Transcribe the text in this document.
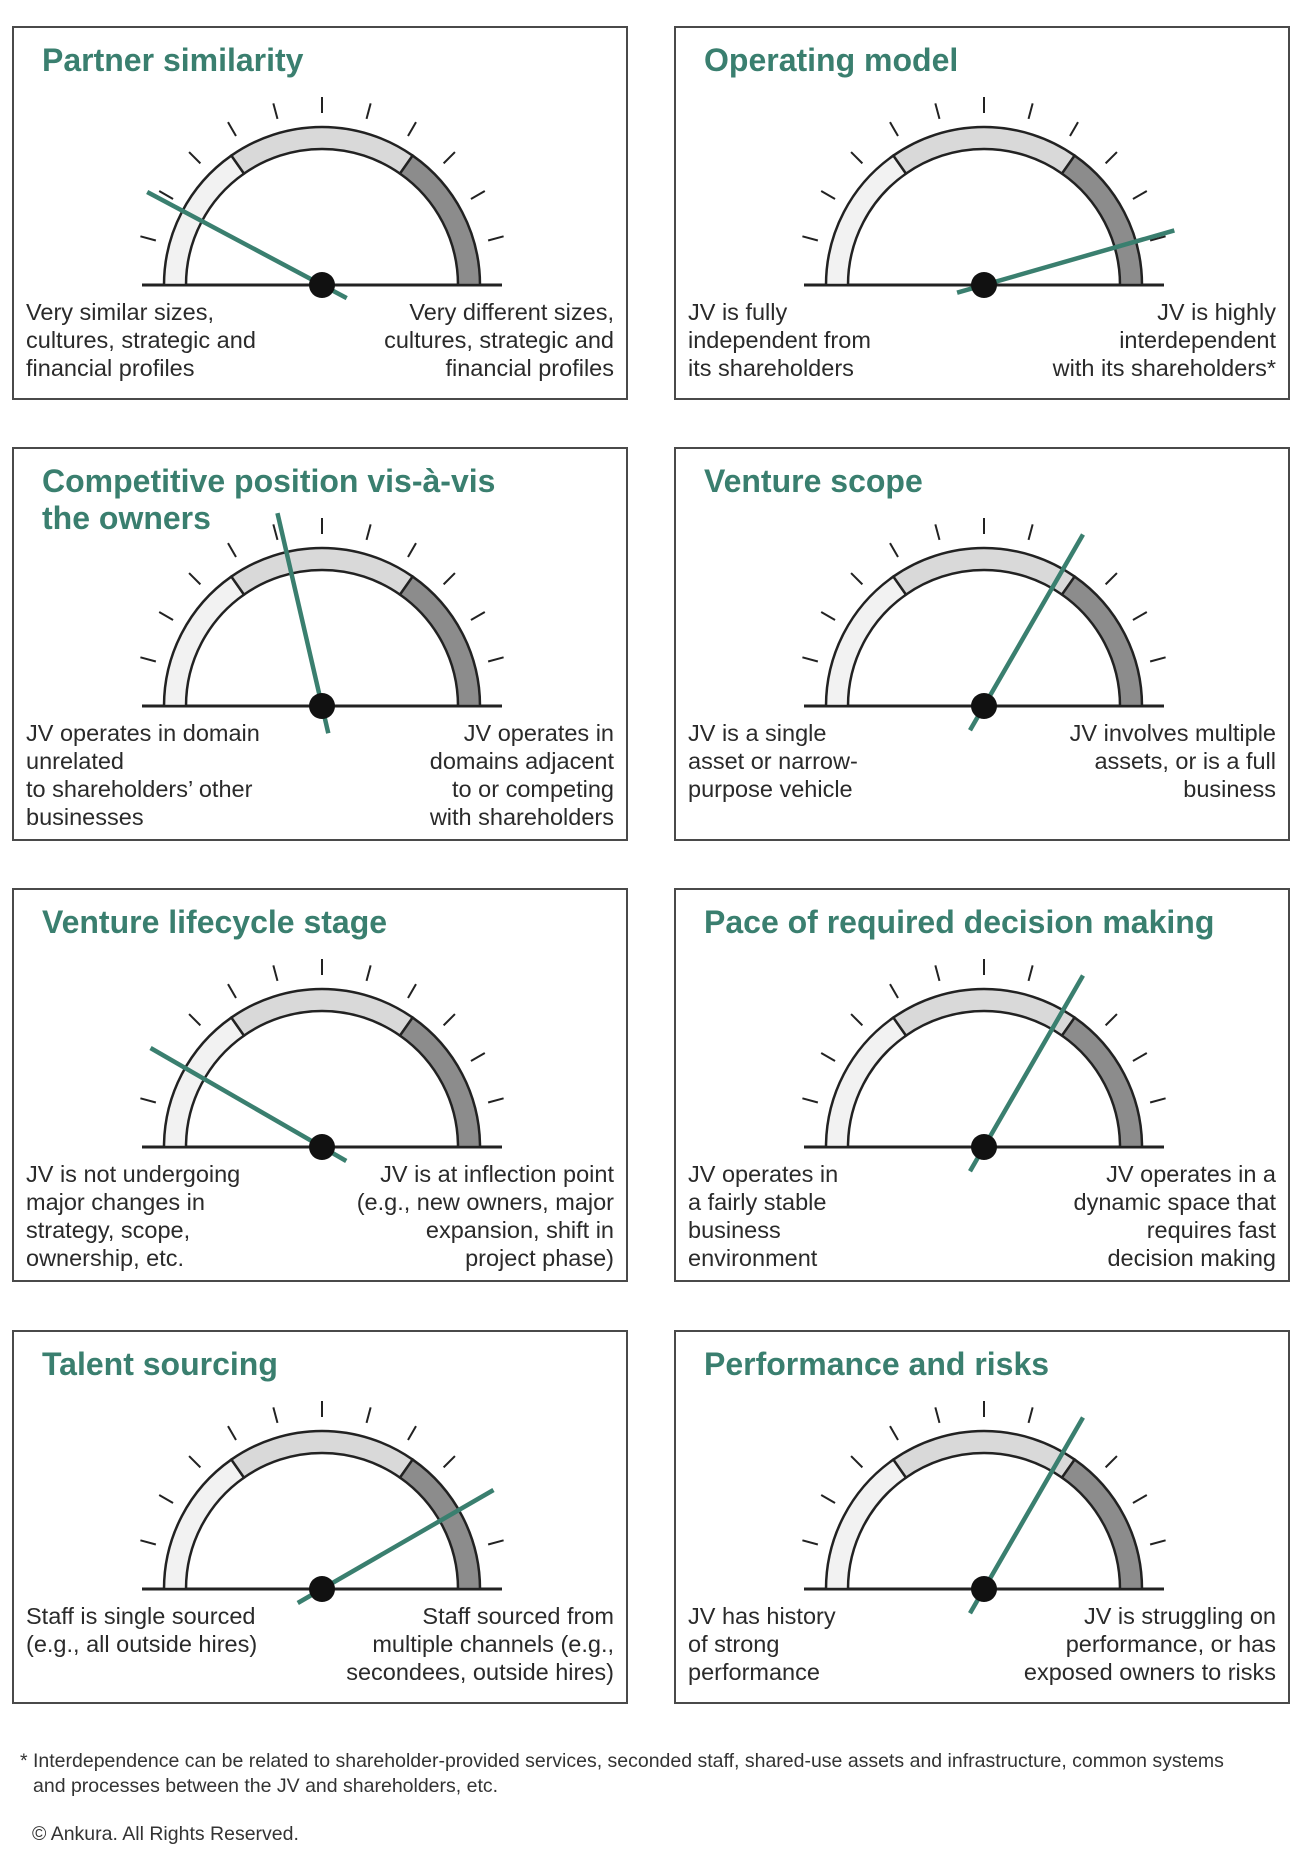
Partner similarity
Very similar sizes,
cultures, strategic and
financial profiles
Very different sizes,
cultures, strategic and
financial profiles
Operating model
JV is fully
independent from
its shareholders
JV is highly
interdependent
with its shareholders*
Competitive position vis-à-vis
the owners
JV operates in domain
unrelated
to shareholders’ other
businesses
JV operates in
domains adjacent
to or competing
with shareholders
Venture scope
JV is a single
asset or narrow-
purpose vehicle
JV involves multiple
assets, or is a full
business
Venture lifecycle stage
JV is not undergoing
major changes in
strategy, scope,
ownership, etc.
JV is at inflection point
(e.g., new owners, major
expansion, shift in
project phase)
Pace of required decision making
JV operates in
a fairly stable
business
environment
JV operates in a
dynamic space that
requires fast
decision making
Talent sourcing
Staff is single sourced
(e.g., all outside hires)
Staff sourced from
multiple channels (e.g.,
secondees, outside hires)
Performance and risks
JV has history
of strong
performance
JV is struggling on
performance, or has
exposed owners to risks
* Interdependence can be related to shareholder-provided services, seconded staff, shared-use assets and infrastructure, common systems and processes between the JV and shareholders, etc.
© Ankura. All Rights Reserved.
